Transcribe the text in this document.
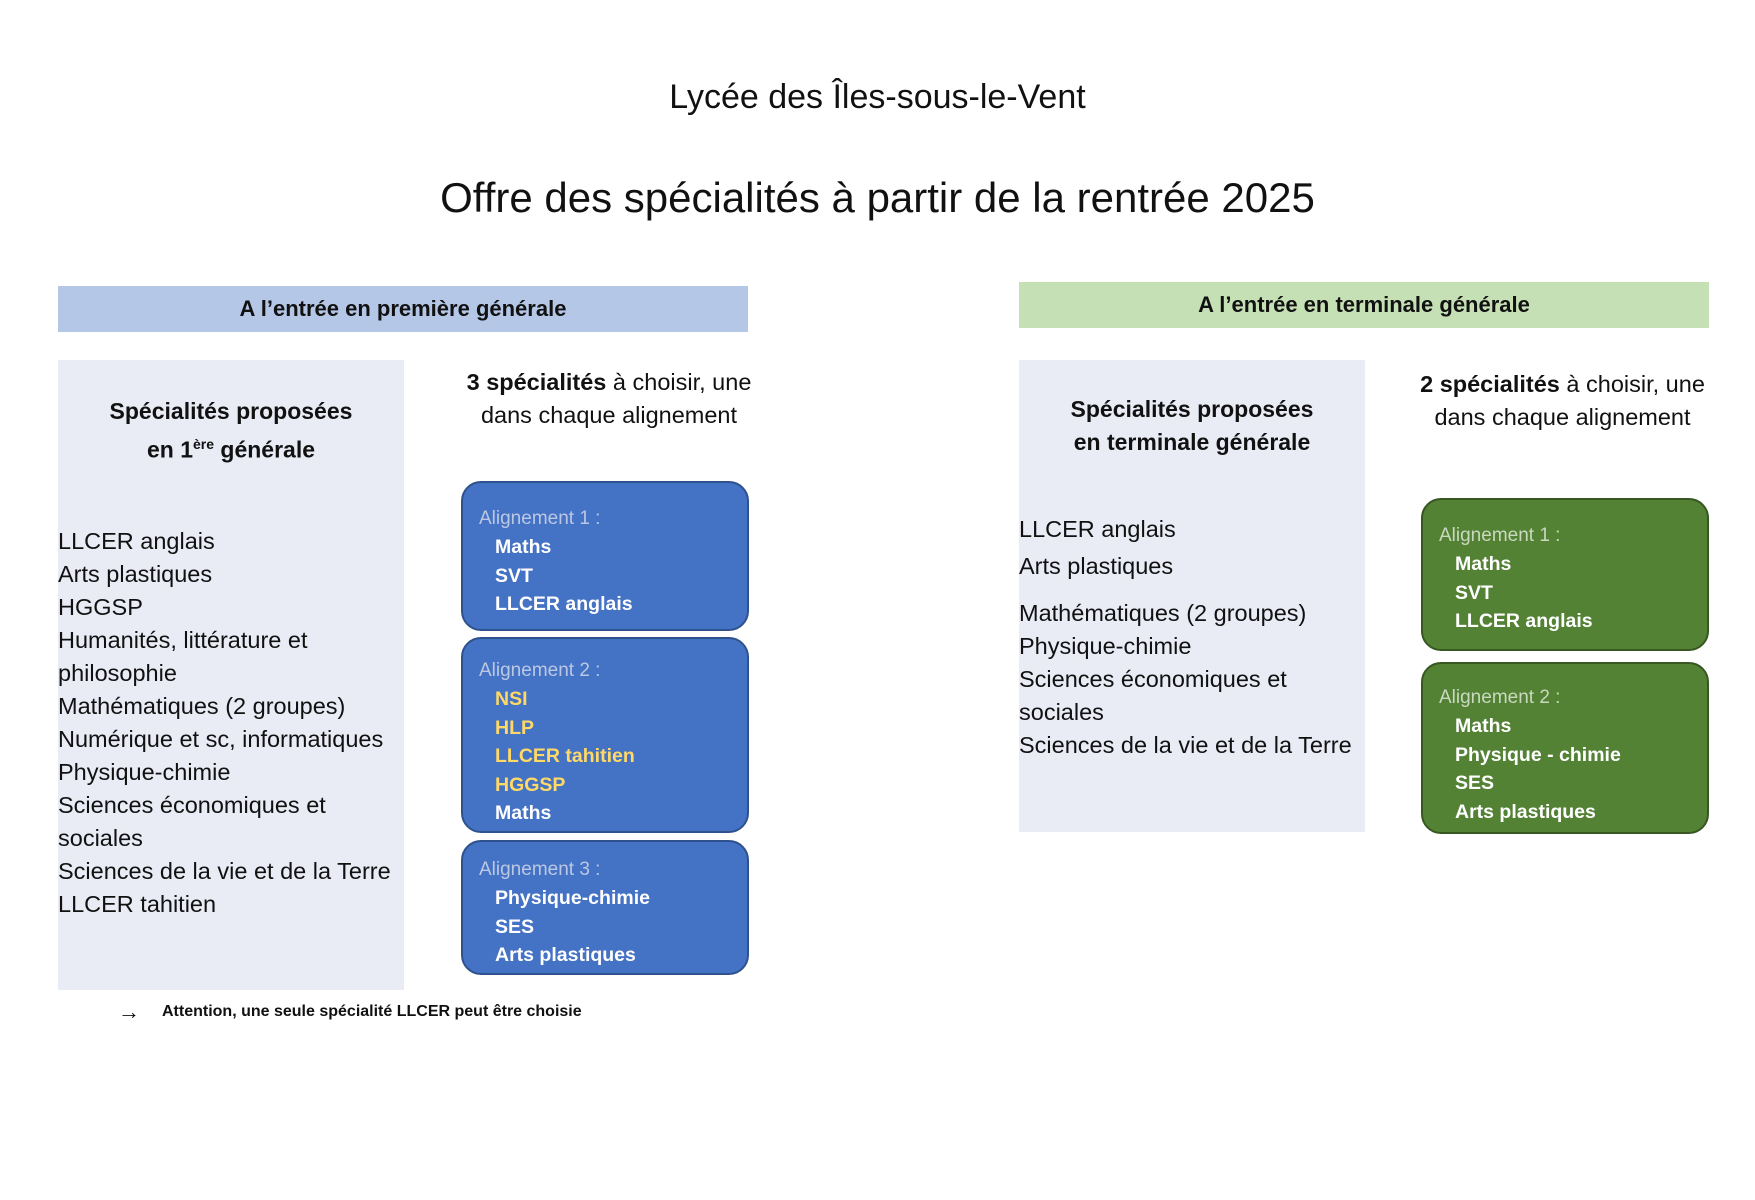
Lycée des Îles-sous-le-Vent
Offre des spécialités à partir de la rentrée 2025
A l’entrée en première générale
Spécialités proposées
en 1ère générale
LLCER anglais
Arts plastiques
HGGSP
Humanités, littérature et philosophie
Mathématiques (2 groupes)
Numérique et sc, informatiques
Physique-chimie
Sciences économiques et sociales
Sciences de la vie et de la Terre
LLCER tahitien
3 spécialités à choisir, une dans chaque alignement
Alignement 1 :
Maths
SVT
LLCER anglais
Alignement 2 :
NSI
HLP
LLCER tahitien
HGGSP
Maths
Alignement 3 :
Physique-chimie
SES
Arts plastiques
→ Attention, une seule spécialité LLCER peut être choisie
A l’entrée en terminale générale
Spécialités proposées
en terminale générale
LLCER anglais
Arts plastiques
Mathématiques (2 groupes)
Physique-chimie
Sciences économiques et sociales
Sciences de la vie et de la Terre
2 spécialités à choisir, une dans chaque alignement
Alignement 1 :
Maths
SVT
LLCER anglais
Alignement 2 :
Maths
Physique - chimie
SES
Arts plastiques
